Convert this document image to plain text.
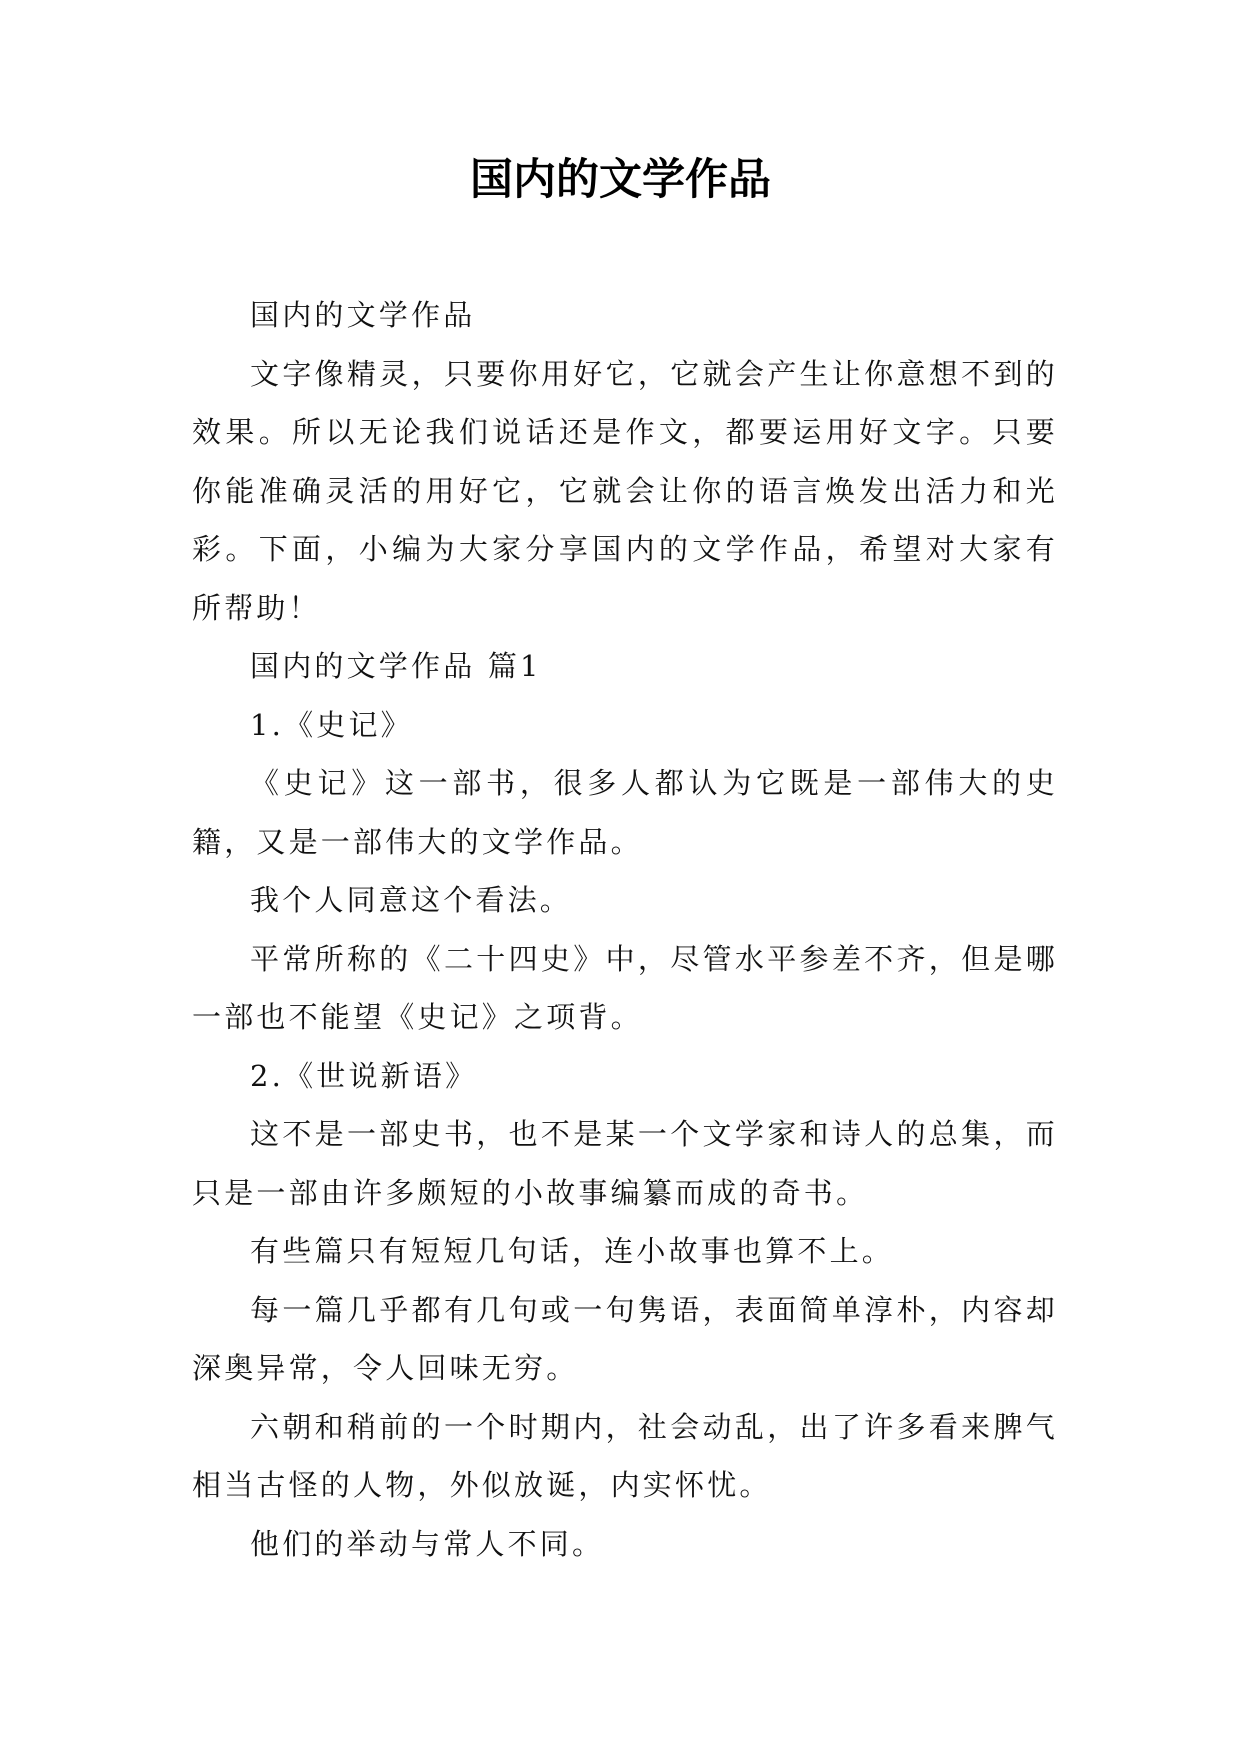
国内的文学作品

国内的文学作品

文字像精灵，只要你用好它，它就会产生让你意想不到的效果。所以无论我们说话还是作文，都要运用好文字。只要你能准确灵活的用好它，它就会让你的语言焕发出活力和光彩。下面，小编为大家分享国内的文学作品，希望对大家有所帮助！

国内的文学作品 篇1

1.《史记》

《史记》这一部书，很多人都认为它既是一部伟大的史籍，又是一部伟大的文学作品。

我个人同意这个看法。

平常所称的《二十四史》中，尽管水平参差不齐，但是哪一部也不能望《史记》之项背。

2.《世说新语》

这不是一部史书，也不是某一个文学家和诗人的总集，而只是一部由许多颇短的小故事编纂而成的奇书。

有些篇只有短短几句话，连小故事也算不上。

每一篇几乎都有几句或一句隽语，表面简单淳朴，内容却深奥异常，令人回味无穷。

六朝和稍前的一个时期内，社会动乱，出了许多看来脾气相当古怪的人物，外似放诞，内实怀忧。

他们的举动与常人不同。
